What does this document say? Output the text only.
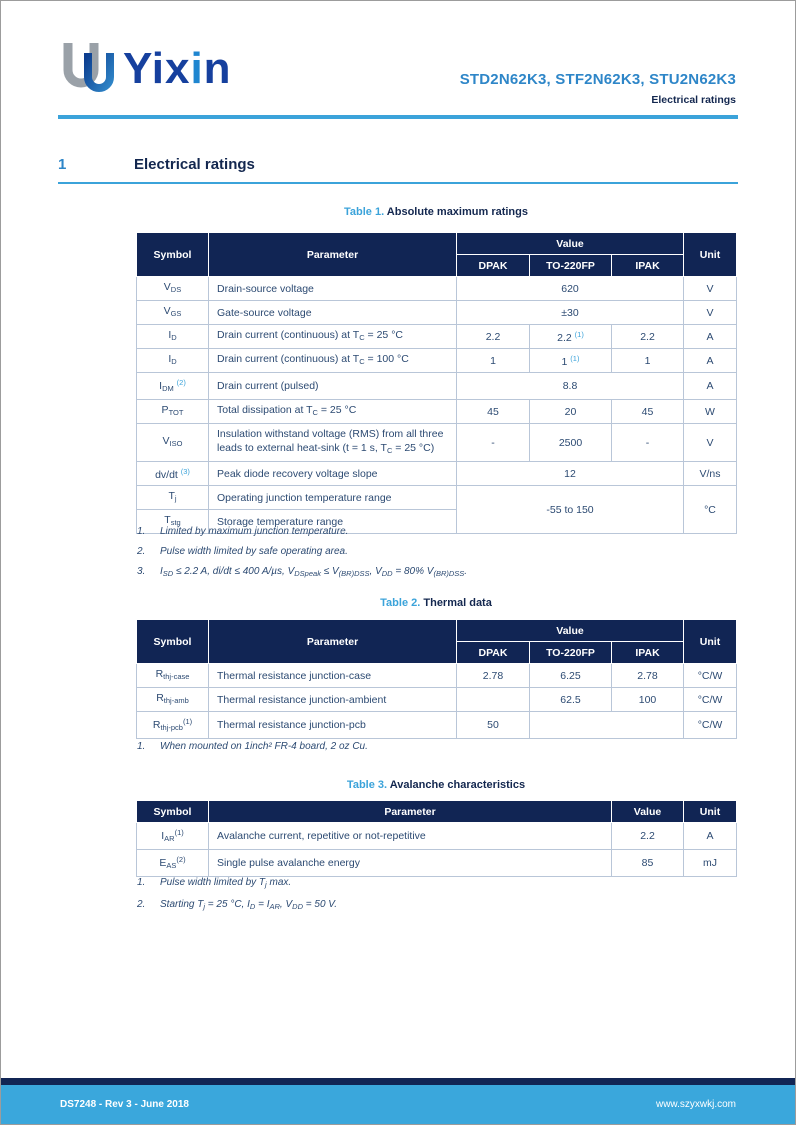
Yixin	STD2N62K3, STF2N62K3, STU2N62K3
Electrical ratings
1	Electrical ratings
Table 1. Absolute maximum ratings
Symbol	Parameter	Value			Unit
		DPAK	TO-220FP	IPAK	
$V_{DS}$	Drain-source voltage	620			V
$V_{GS}$	Gate-source voltage	±30			V
$I_D$	Drain current (continuous) at $T_C = 25$ °C	2.2	2.2 $^{(1)}$	2.2	A
$I_D$	Drain current (continuous) at $T_C = 100$ °C	1	1 $^{(1)}$	1	A
$I_{DM}$ $^{(2)}$	Drain current (pulsed)	8.8			A
$P_{TOT}$	Total dissipation at $T_C = 25$ °C	45	20	45	W
$V_{ISO}$	Insulation withstand voltage (RMS) from all three leads to external heat-sink (t = 1 s, $T_C = 25$ °C)	-	2500	-	V
dv/dt $^{(3)}$	Peak diode recovery voltage slope	12			V/ns
$T_j$	Operating junction temperature range	-55 to 150			°C
$T_{stg}$	Storage temperature range				
1.	Limited by maximum junction temperature.
2.	Pulse width limited by safe operating area.
3.	$I_{SD} \le 2.2$ A, di/dt ≤ 400 A/µs, $V_{DSpeak} \le V_{(BR)DSS}$, $V_{DD} = 80\%$ $V_{(BR)DSS}$.
Table 2. Thermal data
Symbol	Parameter	Value			Unit
		DPAK	TO-220FP	IPAK	
$R_{thj-case}$	Thermal resistance junction-case	2.78	6.25	2.78	°C/W
$R_{thj-amb}$	Thermal resistance junction-ambient		62.5	100	°C/W
$R_{thj-pcb}^{(1)}$	Thermal resistance junction-pcb	50			°C/W
1.	When mounted on 1inch² FR-4 board, 2 oz Cu.
Table 3. Avalanche characteristics
Symbol	Parameter	Value	Unit
$I_{AR}^{(1)}$	Avalanche current, repetitive or not-repetitive	2.2	A
$E_{AS}^{(2)}$	Single pulse avalanche energy	85	mJ
1.	Pulse width limited by $T_j$ max.
2.	Starting $T_j = 25$ °C, $I_D = I_{AR}$, $V_{DD} = 50$ V.
DS7248 - Rev 3 - June 2018	www.szyxwkj.com
